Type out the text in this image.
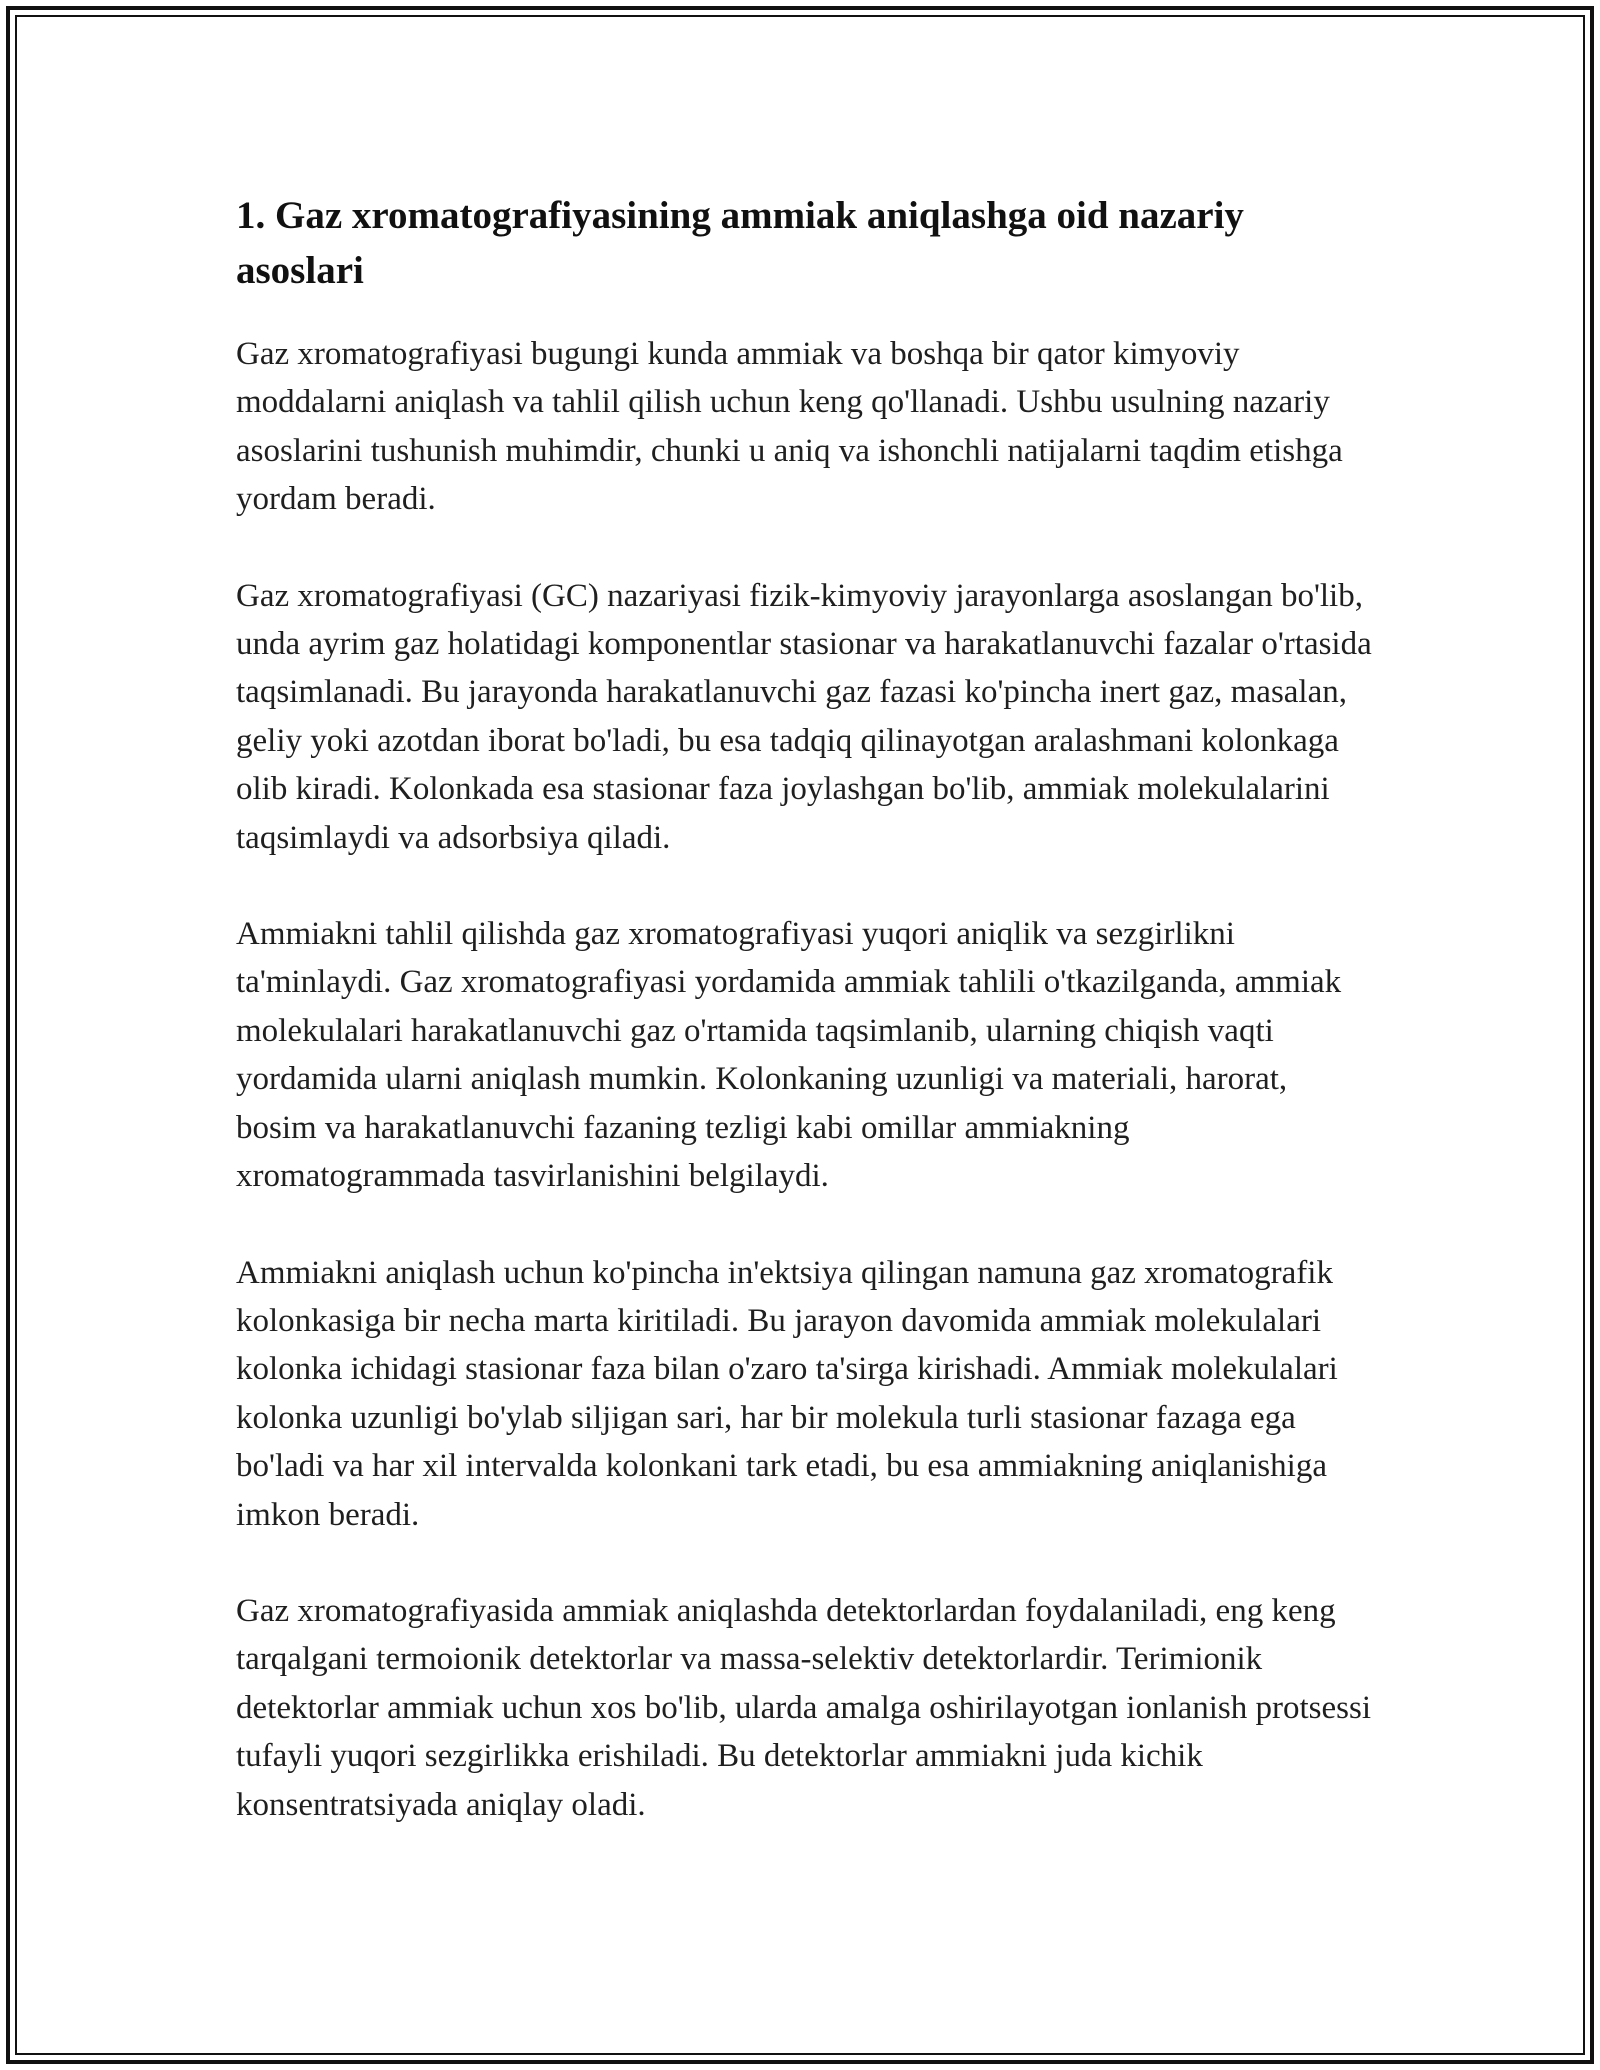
1. Gaz xromatografiyasining ammiak aniqlashga oid nazariy asoslari

Gaz xromatografiyasi bugungi kunda ammiak va boshqa bir qator kimyoviy moddalarni aniqlash va tahlil qilish uchun keng qo'llanadi. Ushbu usulning nazariy asoslarini tushunish muhimdir, chunki u aniq va ishonchli natijalarni taqdim etishga yordam beradi.

Gaz xromatografiyasi (GC) nazariyasi fizik-kimyoviy jarayonlarga asoslangan bo'lib, unda ayrim gaz holatidagi komponentlar stasionar va harakatlanuvchi fazalar o'rtasida taqsimlanadi. Bu jarayonda harakatlanuvchi gaz fazasi ko'pincha inert gaz, masalan, geliy yoki azotdan iborat bo'ladi, bu esa tadqiq qilinayotgan aralashmani kolonkaga olib kiradi. Kolonkada esa stasionar faza joylashgan bo'lib, ammiak molekulalarini taqsimlaydi va adsorbsiya qiladi.

Ammiakni tahlil qilishda gaz xromatografiyasi yuqori aniqlik va sezgirlikni ta'minlaydi. Gaz xromatografiyasi yordamida ammiak tahlili o'tkazilganda, ammiak molekulalari harakatlanuvchi gaz o'rtamida taqsimlanib, ularning chiqish vaqti yordamida ularni aniqlash mumkin. Kolonkaning uzunligi va materiali, harorat, bosim va harakatlanuvchi fazaning tezligi kabi omillar ammiakning xromatogrammada tasvirlanishini belgilaydi.

Ammiakni aniqlash uchun ko'pincha in'ektsiya qilingan namuna gaz xromatografik kolonkasiga bir necha marta kiritiladi. Bu jarayon davomida ammiak molekulalari kolonka ichidagi stasionar faza bilan o'zaro ta'sirga kirishadi. Ammiak molekulalari kolonka uzunligi bo'ylab siljigan sari, har bir molekula turli stasionar fazaga ega bo'ladi va har xil intervalda kolonkani tark etadi, bu esa ammiakning aniqlanishiga imkon beradi.

Gaz xromatografiyasida ammiak aniqlashda detektorlardan foydalaniladi, eng keng tarqalgani termoionik detektorlar va massa-selektiv detektorlardir. Terimionik detektorlar ammiak uchun xos bo'lib, ularda amalga oshirilayotgan ionlanish protsessi tufayli yuqori sezgirlikka erishiladi. Bu detektorlar ammiakni juda kichik konsentratsiyada aniqlay oladi.
